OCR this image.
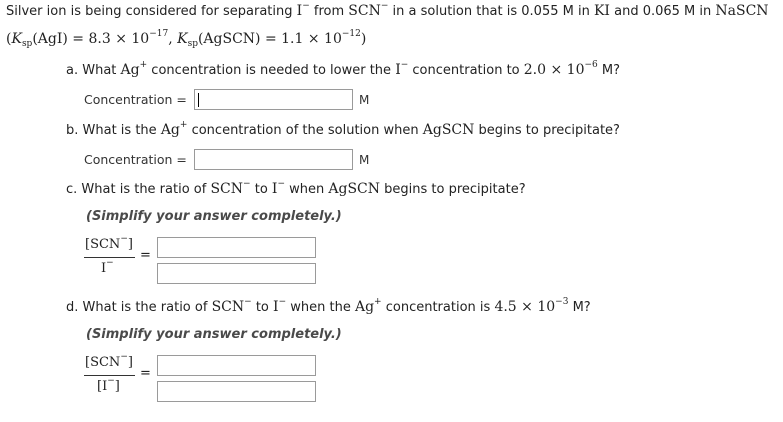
Silver ion is being considered for separating I− from SCN− in a solution that is 0.055 M in KI and 0.065 M in NaSCN
($K_{sp}(AgI) = 8.3 \times 10^{-17}$, $K_{sp}(AgSCN) = 1.1 \times 10^{-12}$)
a. What Ag+ concentration is needed to lower the I− concentration to $2.0 \times 10^{-6}$ M?
Concentration =	M
b. What is the Ag+ concentration of the solution when AgSCN begins to precipitate?
Concentration =	M
c. What is the ratio of SCN− to I− when AgSCN begins to precipitate?
(Simplify your answer completely.)
[SCN−]
I− =
d. What is the ratio of SCN− to I− when the Ag+ concentration is $4.5 \times 10^{-3}$ M?
(Simplify your answer completely.)
[SCN−]
[I−]
=
